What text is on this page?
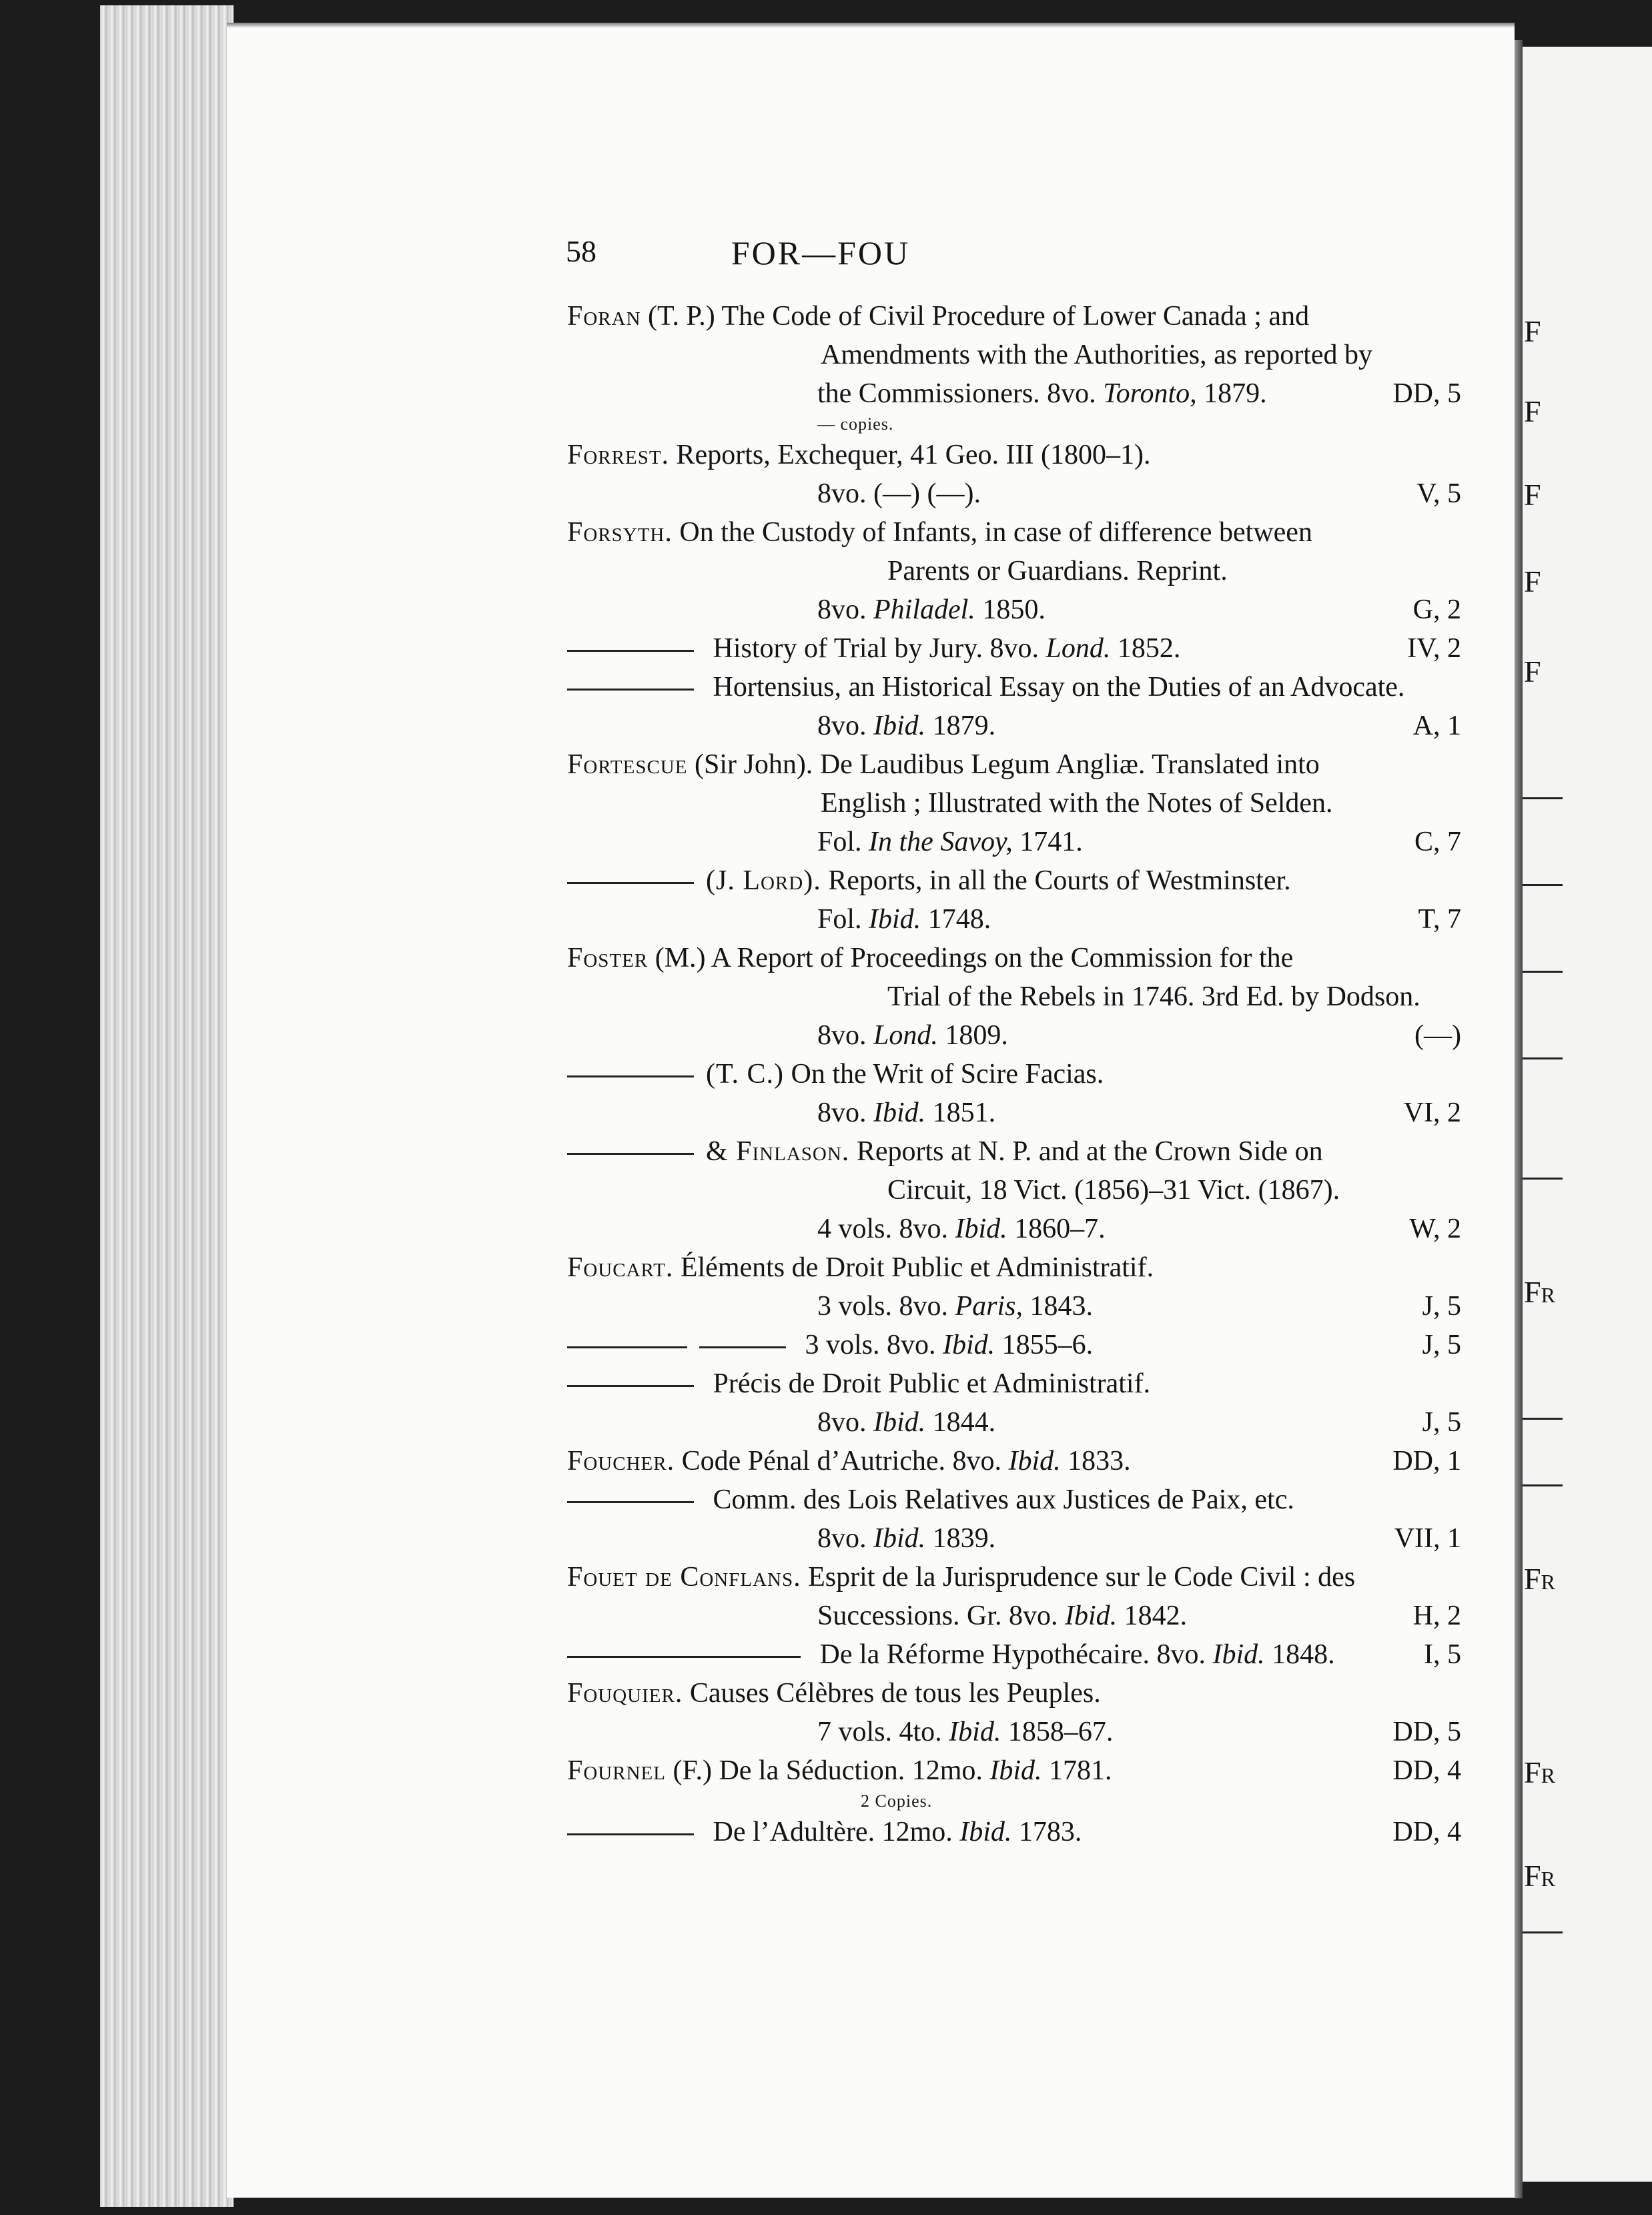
F
F
F
F
F
Fr
Fr
Fr
Fr
58	FOR—FOU
Foran (T. P.) The Code of Civil Procedure of Lower Canada ; and
Amendments with the Authorities, as reported by
the Commissioners. 8vo. Toronto, 1879.	DD, 5
— copies.
Forrest. Reports, Exchequer, 41 Geo. III (1800–1).
8vo. (—) (—).	V, 5
Forsyth. On the Custody of Infants, in case of difference between
Parents or Guardians. Reprint.
8vo. Philadel. 1850.	G, 2
History of Trial by Jury. 8vo. Lond. 1852.	IV, 2
Hortensius, an Historical Essay on the Duties of an Advocate.
8vo. Ibid. 1879.	A, 1
Fortescue (Sir John). De Laudibus Legum Angliæ. Translated into
English ; Illustrated with the Notes of Selden.
Fol. In the Savoy, 1741.	C, 7
(J. Lord). Reports, in all the Courts of Westminster.
Fol. Ibid. 1748.	T, 7
Foster (M.) A Report of Proceedings on the Commission for the
Trial of the Rebels in 1746. 3rd Ed. by Dodson.
8vo. Lond. 1809.	(—)
(T. C.) On the Writ of Scire Facias.
8vo. Ibid. 1851.	VI, 2
& Finlason. Reports at N. P. and at the Crown Side on
Circuit, 18 Vict. (1856)–31 Vict. (1867).
4 vols. 8vo. Ibid. 1860–7.	W, 2
Foucart. Éléments de Droit Public et Administratif.
3 vols. 8vo. Paris, 1843.	J, 5
3 vols. 8vo. Ibid. 1855–6.	J, 5
Précis de Droit Public et Administratif.
8vo. Ibid. 1844.	J, 5
Foucher. Code Pénal d’Autriche. 8vo. Ibid. 1833.	DD, 1
Comm. des Lois Relatives aux Justices de Paix, etc.
8vo. Ibid. 1839.	VII, 1
Fouet de Conflans. Esprit de la Jurisprudence sur le Code Civil : des
Successions. Gr. 8vo. Ibid. 1842.	H, 2
De la Réforme Hypothécaire. 8vo. Ibid. 1848.	I, 5
Fouquier. Causes Célèbres de tous les Peuples.
7 vols. 4to. Ibid. 1858–67.	DD, 5
Fournel (F.) De la Séduction. 12mo. Ibid. 1781.	DD, 4
2 Copies.
De l’Adultère. 12mo. Ibid. 1783.	DD, 4
